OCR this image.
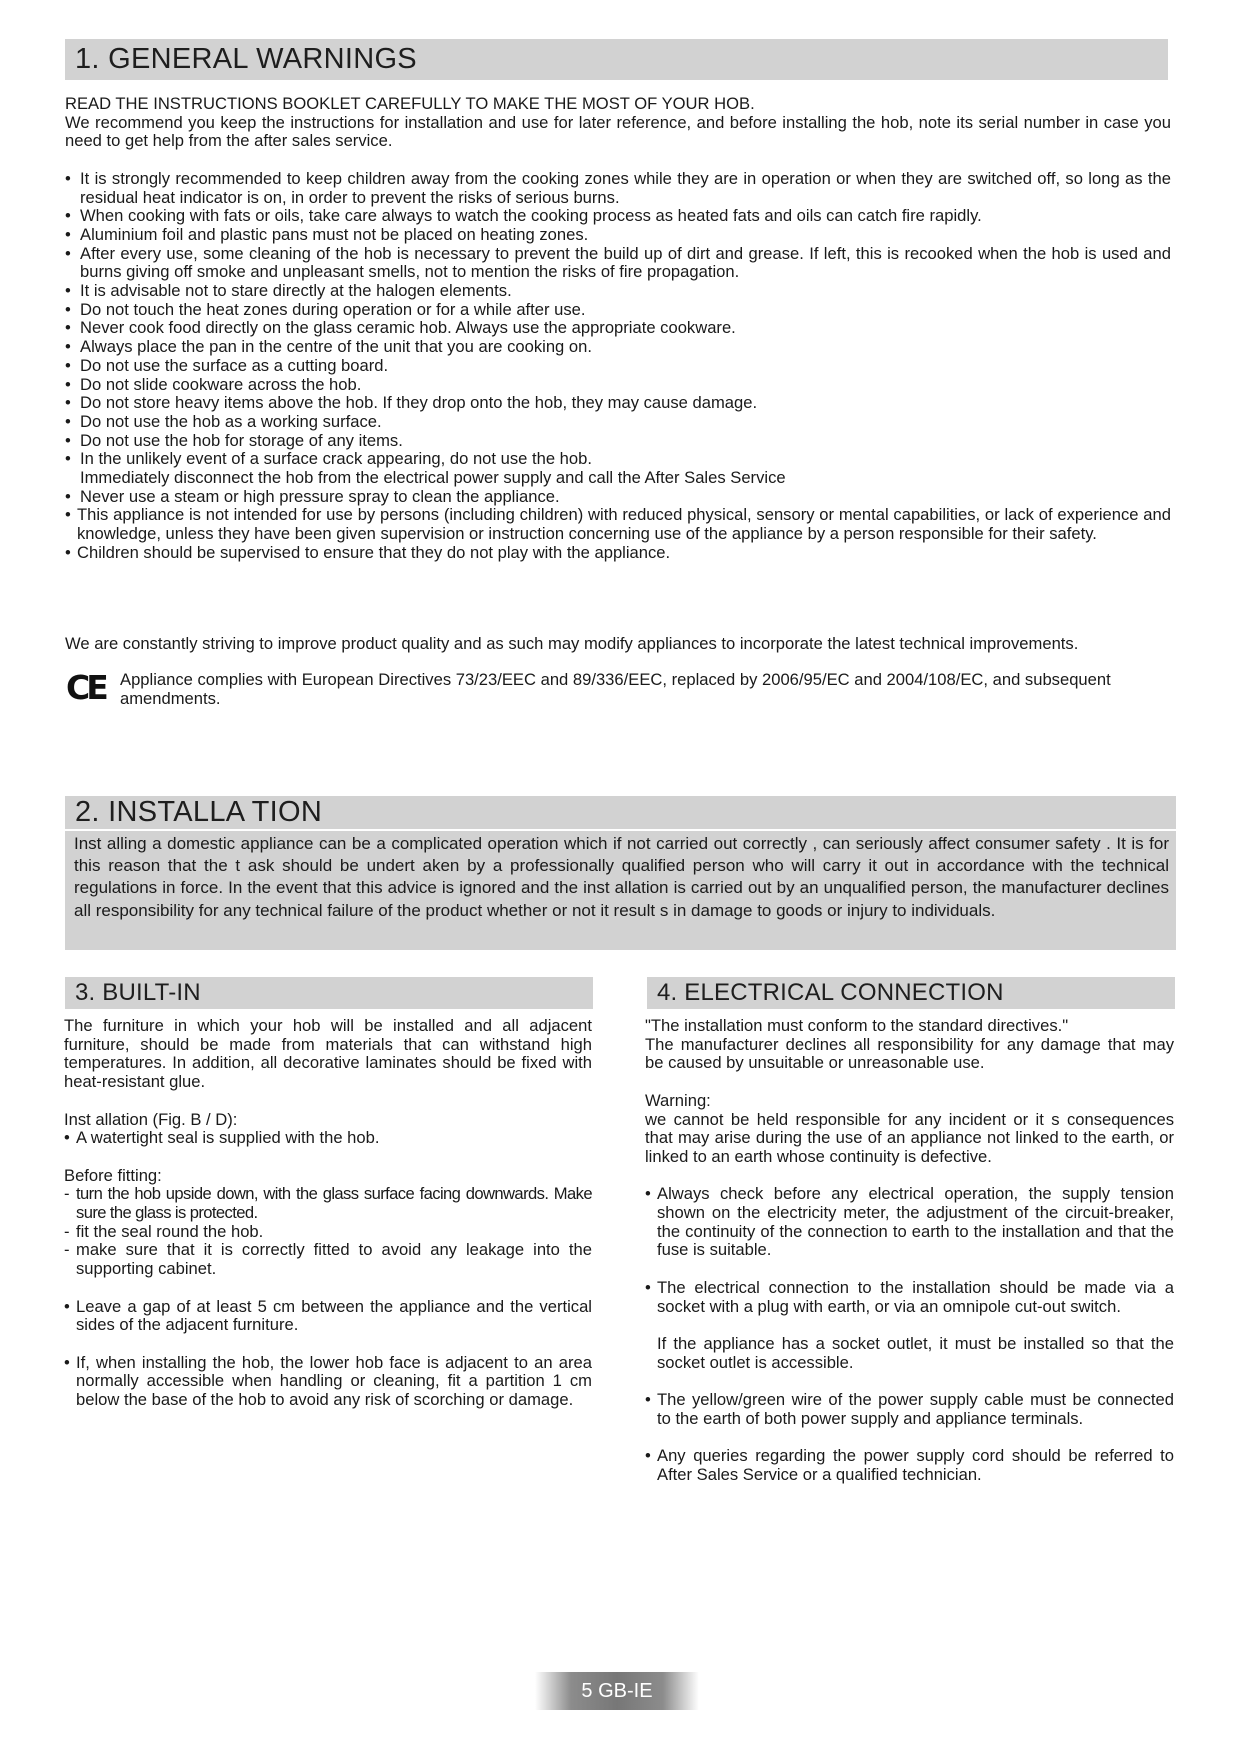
1. GENERAL WARNINGS

READ THE INSTRUCTIONS BOOKLET CAREFULLY TO MAKE THE MOST OF YOUR HOB.

We recommend you keep the instructions for installation and use for later reference, and before installing the hob, note its serial number in case you need to get help from the after sales service.

• It is strongly recommended to keep children away from the cooking zones while they are in operation or when they are switched off, so long as the residual heat indicator is on, in order to prevent the risks of serious burns.

• When cooking with fats or oils, take care always to watch the cooking process as heated fats and oils can catch fire rapidly.

• Aluminium foil and plastic pans must not be placed on heating zones.

• After every use, some cleaning of the hob is necessary to prevent the build up of dirt and grease. If left, this is recooked when the hob is used and burns giving off smoke and unpleasant smells, not to mention the risks of fire propagation.

• It is advisable not to stare directly at the halogen elements.

• Do not touch the heat zones during operation or for a while after use.

• Never cook food directly on the glass ceramic hob. Always use the appropriate cookware.

• Always place the pan in the centre of the unit that you are cooking on.

• Do not use the surface as a cutting board.

• Do not slide cookware across the hob.

• Do not store heavy items above the hob. If they drop onto the hob, they may cause damage.

• Do not use the hob as a working surface.

• Do not use the hob for storage of any items.

• In the unlikely event of a surface crack appearing, do not use the hob.

Immediately disconnect the hob from the electrical power supply and call the After Sales Service

• Never use a steam or high pressure spray to clean the appliance.

• This appliance is not intended for use by persons (including children) with reduced physical, sensory or mental capabilities, or lack of experience and knowledge, unless they have been given supervision or instruction concerning use of the appliance by a person responsible for their safety.

• Children should be supervised to ensure that they do not play with the appliance.

We are constantly striving to improve product quality and as such may modify appliances to incorporate the latest technical improvements.

CE Appliance complies with European Directives 73/23/EEC and 89/336/EEC, replaced by 2006/95/EC and 2004/108/EC, and subsequent amendments.

2. INSTALLA TION

Inst alling a domestic appliance can be a complicated operation which if not carried out correctly , can seriously affect consumer safety . It is for this reason that the t ask should be undert aken by a professionally qualified person who will carry it out in accordance with the technical regulations in force. In the event that this advice is ignored and the inst allation is carried out by an unqualified person, the manufacturer declines all responsibility for any technical failure of the product whether or not it result s in damage to goods or injury to individuals.

3. BUILT-IN

The furniture in which your hob will be installed and all adjacent furniture, should be made from materials that can withstand high temperatures. In addition, all decorative laminates should be fixed with heat-resistant glue.

Inst allation (Fig. B / D):

• A watertight seal is supplied with the hob.

Before fitting:

- turn the hob upside down, with the glass surface facing downwards. Make sure the glass is protected.

- fit the seal round the hob.

- make sure that it is correctly fitted to avoid any leakage into the supporting cabinet.

• Leave a gap of at least 5 cm between the appliance and the vertical sides of the adjacent furniture.

• If, when installing the hob, the lower hob face is adjacent to an area normally accessible when handling or cleaning, fit a partition 1 cm below the base of the hob to avoid any risk of scorching or damage.

4. ELECTRICAL CONNECTION

"The installation must conform to the standard directives."

The manufacturer declines all responsibility for any damage that may be caused by unsuitable or unreasonable use.

Warning:

we cannot be held responsible for any incident or it s consequences that may arise during the use of an appliance not linked to the earth, or linked to an earth whose continuity is defective.

• Always check before any electrical operation, the supply tension shown on the electricity meter, the adjustment of the circuit-breaker, the continuity of the connection to earth to the installation and that the fuse is suitable.

• The electrical connection to the installation should be made via a socket with a plug with earth, or via an omnipole cut-out switch.

If the appliance has a socket outlet, it must be installed so that the socket outlet is accessible.

• The yellow/green wire of the power supply cable must be connected to the earth of both power supply and appliance terminals.

• Any queries regarding the power supply cord should be referred to After Sales Service or a qualified technician.

5 GB-IE
